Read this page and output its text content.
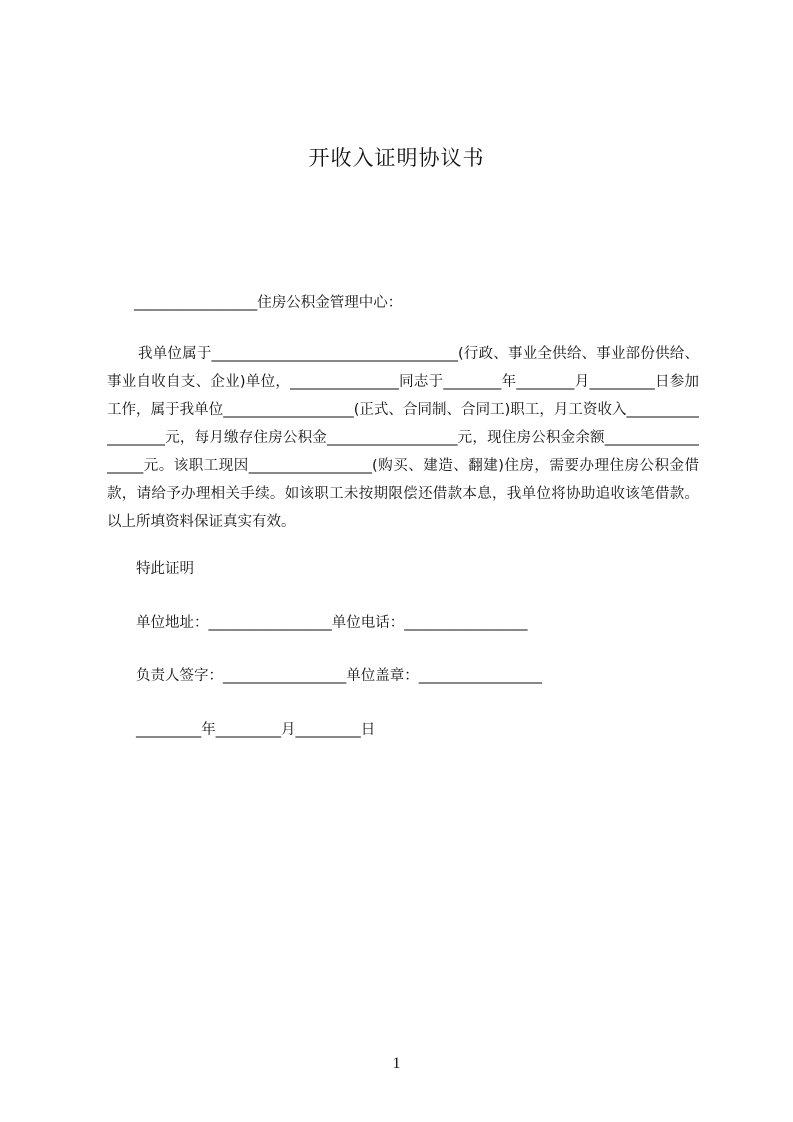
开收入证明协议书
_________________住房公积金管理中心：
我单位属于__________________________________(行政、事业全供给、事业部份供给、事业自收自支、企业)单位，_______________同志于________年________月_________日参加工作，属于我单位__________________(正式、合同制、合同工)职工，月工资收入__________________元，每月缴存住房公积金__________________元，现住房公积金余额__________________元。该职工现因_________________(购买、建造、翻建)住房，需要办理住房公积金借款，请给予办理相关手续。如该职工未按期限偿还借款本息，我单位将协助追收该笔借款。以上所填资料保证真实有效。
特此证明
单位地址：_________________单位电话：_________________
负责人签字：_________________单位盖章：_________________
_________年_________月_________日
1
